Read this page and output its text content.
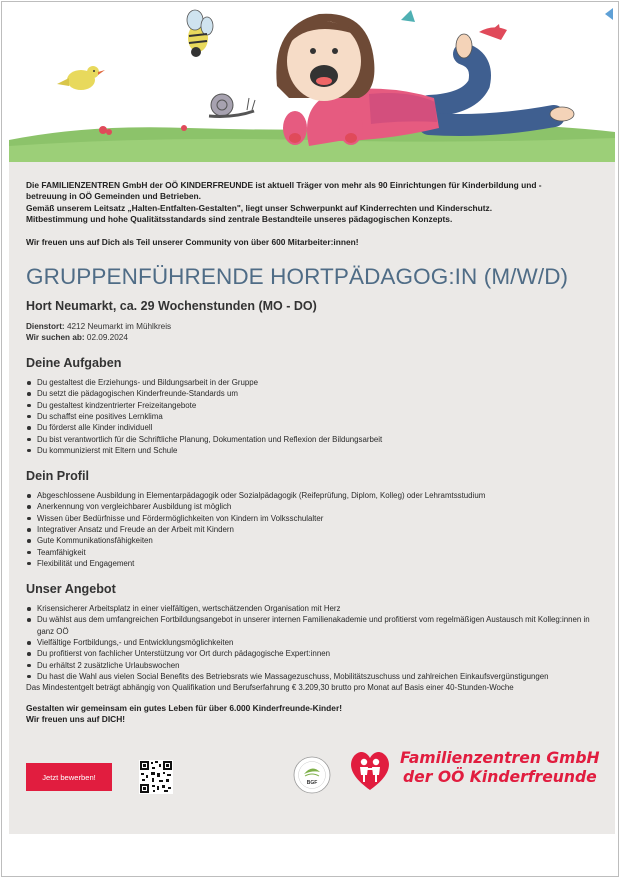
Die FAMILIENZENTREN GmbH der OÖ KINDERFREUNDE ist aktuell Träger von mehr als 90 Einrichtungen für Kinderbildung und -

betreuung in OÖ Gemeinden und Betrieben.

Gemäß unserem Leitsatz „Halten-Entfalten-Gestalten", liegt unser Schwerpunkt auf Kinderrechten und Kinderschutz.

Mitbestimmung und hohe Qualitätsstandards sind zentrale Bestandteile unseres pädagogischen Konzepts.

Wir freuen uns auf Dich als Teil unserer Community von über 600 Mitarbeiter:innen!

GRUPPENFÜHRENDE HORTPÄDAGOG:IN (M/W/D)
Hort Neumarkt, ca. 29 Wochenstunden (MO - DO)
Dienstort: 4212 Neumarkt im Mühlkreis
Wir suchen ab: 02.09.2024
Deine Aufgaben
Du gestaltest die Erziehungs- und Bildungsarbeit in der Gruppe
Du setzt die pädagogischen Kinderfreunde-Standards um
Du gestaltest kindzentrierter Freizeitangebote
Du schaffst eine positives Lernklima
Du förderst alle Kinder individuell
Du bist verantwortlich für die Schriftliche Planung, Dokumentation und Reflexion der Bildungsarbeit
Du kommunizierst mit Eltern und Schule
Dein Profil
Abgeschlossene Ausbildung in Elementarpädagogik oder Sozialpädagogik (Reifeprüfung, Diplom, Kolleg) oder Lehramtsstudium
Anerkennung von vergleichbarer Ausbildung ist möglich
Wissen über Bedürfnisse und Fördermöglichkeiten von Kindern im Volksschulalter
Integrativer Ansatz und Freude an der Arbeit mit Kindern
Gute Kommunikationsfähigkeiten
Teamfähigkeit
Flexibilität und Engagement
Unser Angebot
Krisensicherer Arbeitsplatz in einer vielfältigen, wertschätzenden Organisation mit Herz
Du wählst aus dem umfangreichen Fortbildungsangebot in unserer internen Familienakademie und profitierst vom regelmäßigen Austausch mit Kolleg:innen in ganz OÖ
Vielfältige Fortbildungs,- und Entwicklungsmöglichkeiten
Du profitierst von fachlicher Unterstützung vor Ort durch pädagogische Expert:innen
Du erhältst 2 zusätzliche Urlaubswochen
Du hast die Wahl aus vielen Social Benefits des Betriebsrats wie Massagezuschuss, Mobilitätszuschuss und zahlreichen Einkaufsvergünstigungen
Das Mindestentgelt beträgt abhängig von Qualifikation und Berufserfahrung € 3.209,30 brutto pro Monat auf Basis einer 40-Stunden-Woche

Gestalten wir gemeinsam ein gutes Leben für über 6.000 Kinderfreunde-Kinder!

Wir freuen uns auf DICH!

Jetzt bewerben!
BGF
Familienzentren GmbH
der OÖ Kinderfreunde
